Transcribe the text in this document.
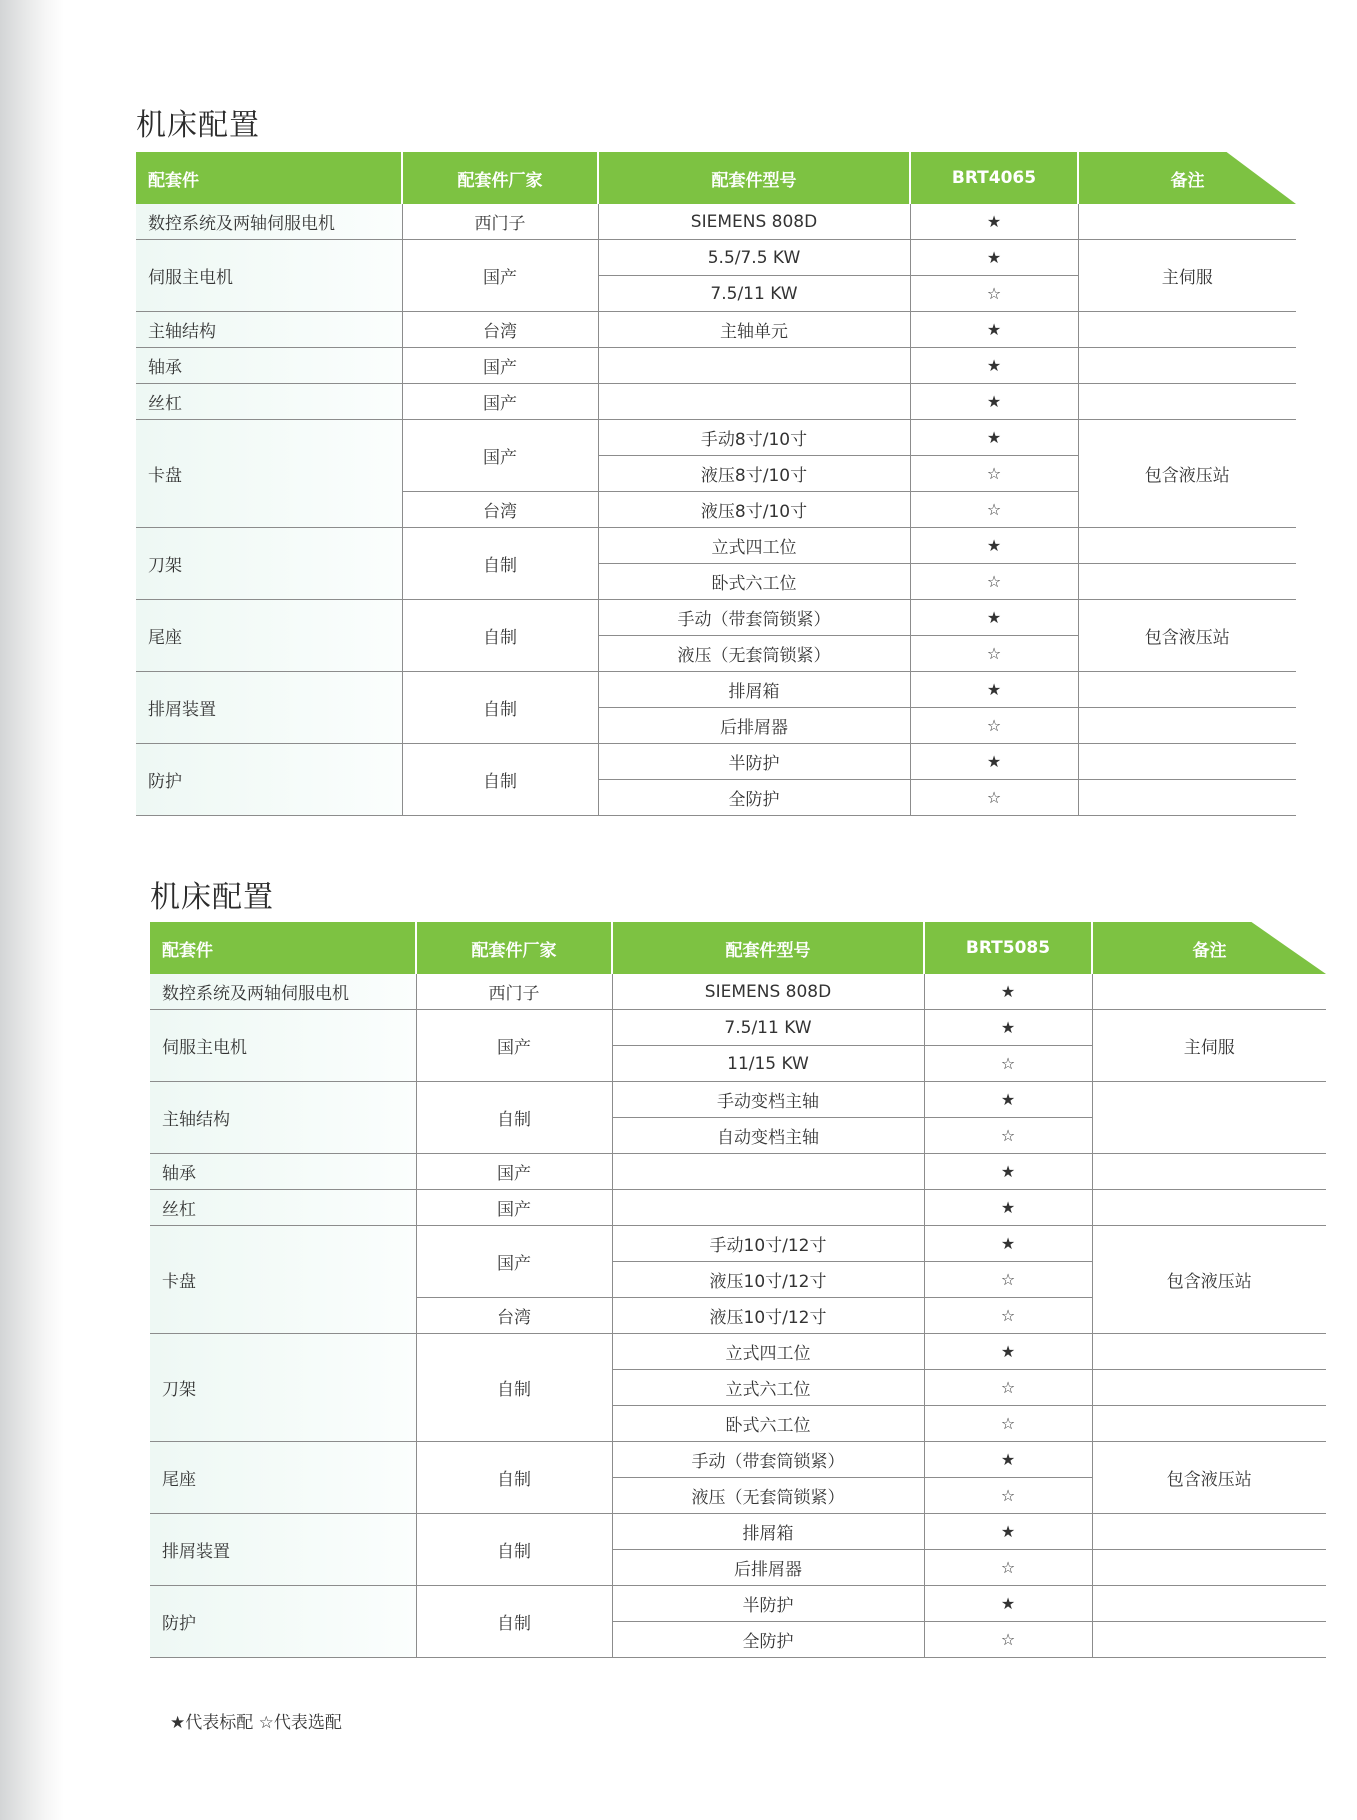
机床配置
配套件	配套件厂家	配套件型号	BRT4065	备注
数控系统及两轴伺服电机	西门子	SIEMENS 808D	★	
伺服主电机	国产	5.5/7.5 KW	★	主伺服
		7.5/11 KW	☆	
主轴结构	台湾	主轴单元	★	
轴承	国产		★	
丝杠	国产		★	
卡盘	国产	手动8寸/10寸	★	包含液压站
		液压8寸/10寸	☆	
	台湾	液压8寸/10寸	☆	
刀架	自制	立式四工位	★	
		卧式六工位	☆	
尾座	自制	手动（带套筒锁紧）	★	包含液压站
		液压（无套筒锁紧）	☆	
排屑装置	自制	排屑箱	★	
		后排屑器	☆	
防护	自制	半防护	★	
		全防护	☆	
机床配置
配套件	配套件厂家	配套件型号	BRT5085	备注
数控系统及两轴伺服电机	西门子	SIEMENS 808D	★	
伺服主电机	国产	7.5/11 KW	★	主伺服
		11/15 KW	☆	
主轴结构	自制	手动变档主轴	★	
		自动变档主轴	☆	
轴承	国产		★	
丝杠	国产		★	
卡盘	国产	手动10寸/12寸	★	包含液压站
		液压10寸/12寸	☆	
	台湾	液压10寸/12寸	☆	
刀架	自制	立式四工位	★	
		立式六工位	☆	
		卧式六工位	☆	
尾座	自制	手动（带套筒锁紧）	★	包含液压站
		液压（无套筒锁紧）	☆	
排屑装置	自制	排屑箱	★	
		后排屑器	☆	
防护	自制	半防护	★	
		全防护	☆	
★代表标配 ☆代表选配
